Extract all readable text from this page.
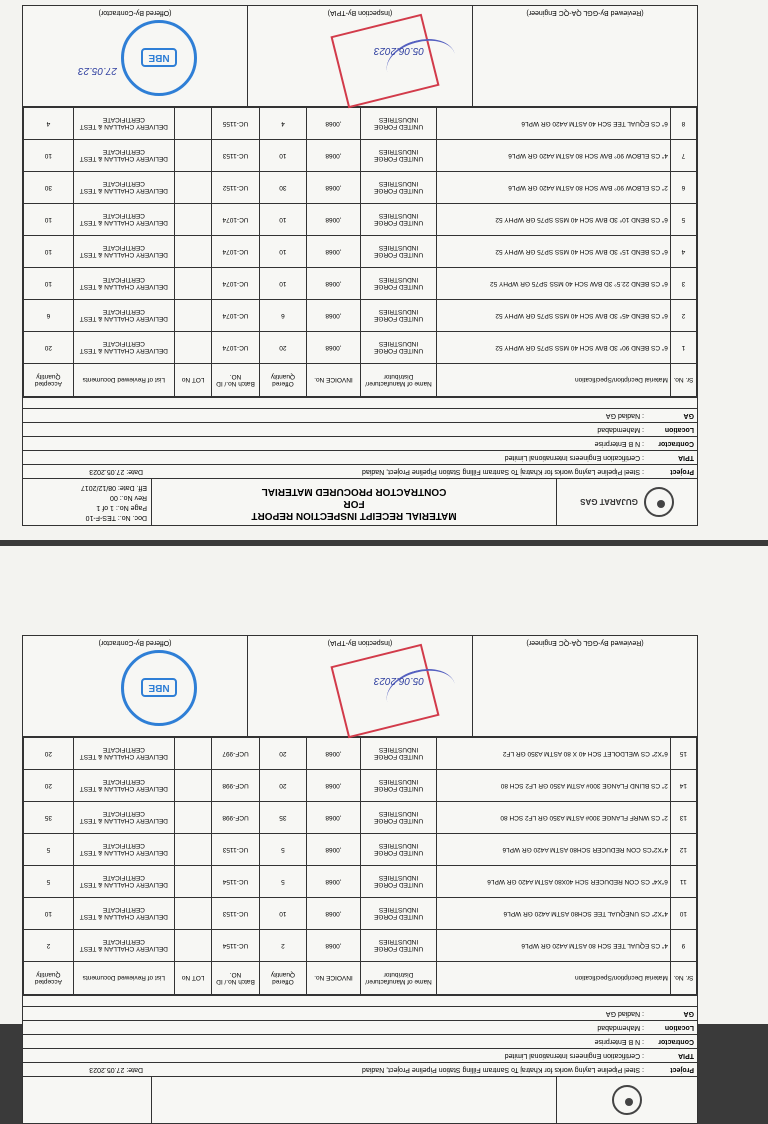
GUJARAT GAS
MATERIAL RECEIPT INSPECTION REPORT
FOR
CONTRACTOR PROCURED MATERIAL
Doc. No.: TES-F-10
Page No.: 1 of 1
Rev No.: 00
Eff. Date: 08/12/2017
Project
: Steel Pipeline Laying works for Khatraj To Santram Filling Station Pipeline Project, Nadiad
Date: 27.05.2023
TPIA
: Certification Engineers International Limited
Contractor
: N B Enterprise
Location
: Mahemdabad
GA
: Nadiad GA
Sr. No.	Material Decription/Specification	Name of Manufacturer/ Distributor	INVOICE No.	Offered Quantity	Batch No./ ID NO.	LOT No	List of Reviewed Documents	Accepted Quantity
1	6" CS BEND 90° 3D B/W SCH 40 MSS SP75 GR WPHY 52	UNITED FORGE INDUSTRIES	,0068	20	UC-1074		DELIVERY CHALLAN & TEST CERTIFICATE	20
2	6" CS BEND 45° 3D B/W SCH 40 MSS SP75 GR WPHY 52	UNITED FORGE INDUSTRIES	,0068	6	UC-1074		DELIVERY CHALLAN & TEST CERTIFICATE	6
3	6" CS BEND 22.5° 3D B/W SCH 40 MSS SP75 GR WPHY 52	UNITED FORGE INDUSTRIES	,0068	10	UC-1074		DELIVERY CHALLAN & TEST CERTIFICATE	10
4	6" CS BEND 15° 3D B/W SCH 40 MSS SP75 GR WPHY 52	UNITED FORGE INDUSTRIES	,0068	10	UC-1074		DELIVERY CHALLAN & TEST CERTIFICATE	10
5	6" CS BEND 10° 3D B/W SCH 40 MSS SP75 GR WPHY 52	UNITED FORGE INDUSTRIES	,0068	10	UC-1074		DELIVERY CHALLAN & TEST CERTIFICATE	10
6	2" CS ELBOW 90° B/W SCH 80 ASTM A420 GR WPL6	UNITED FORGE INDUSTRIES	,0068	30	UC-1152		DELIVERY CHALLAN & TEST CERTIFICATE	30
7	4" CS ELBOW 90° B/W SCH 80 ASTM A420 GR WPL6	UNITED FORGE INDUSTRIES	,0068	10	UC-1153		DELIVERY CHALLAN & TEST CERTIFICATE	10
8	6" CS EQUAL TEE SCH 40 ASTM A420 GR WPL6	UNITED FORGE INDUSTRIES	,0068	4	UC-1155		DELIVERY CHALLAN & TEST CERTIFICATE	4
(Reviewed By-GGL QA-QC Engineer)
05.06.2023
(Inspection By-TPIA)
NBE
27.05.23
(Offered By-Contractor)
Project
: Steel Pipeline Laying works for Khatraj To Santram Filling Station Pipeline Project, Nadiad
Date: 27.05.2023
TPIA
: Certification Engineers International Limited
Contractor
: N B Enterprise
Location
: Mahemdabad
GA
: Nadiad GA
Sr. No.	Material Decription/Specification	Name of Manufacturer/ Distributor	INVOICE No.	Offered Quantity	Batch No./ ID NO.	LOT No	List of Reviewed Documents	Accepted Quantity
9	4" CS EQUAL TEE SCH 80 ASTM A420 GR WPL6	UNITED FORGE INDUSTRIES	,0068	2	UC-1154		DELIVERY CHALLAN & TEST CERTIFICATE	2
10	4"X2" CS UNEQUAL TEE SCH80 ASTM A420 GR WPL6	UNITED FORGE INDUSTRIES	,0068	10	UC-1153		DELIVERY CHALLAN & TEST CERTIFICATE	10
11	6"X4" CS CON REDUCER SCH 40X80 ASTM A420 GR WPL6	UNITED FORGE INDUSTRIES	,0068	5	UC-1154		DELIVERY CHALLAN & TEST CERTIFICATE	5
12	4"X2"CS CON REDUCER SCH80 ASTM A420 GR WPL6	UNITED FORGE INDUSTRIES	,0068	5	UC-1153		DELIVERY CHALLAN & TEST CERTIFICATE	5
13	2" CS WNRF FLANGE 300# ASTM A350 GR LF2 SCH 80	UNITED FORGE INDUSTRIES	,0068	35	UCF-998		DELIVERY CHALLAN & TEST CERTIFICATE	35
14	2" CS BLIND FLANGE 300# ASTM A350 GR LF2 SCH 80	UNITED FORGE INDUSTRIES	,0068	20	UCF-998		DELIVERY CHALLAN & TEST CERTIFICATE	20
15	6"X2" CS WELDOLET SCH 40 X 80 ASTM A350 GR LF2	UNITED FORGE INDUSTRIES	,0068	20	UCF-997		DELIVERY CHALLAN & TEST CERTIFICATE	20
(Reviewed By-GGL QA-QC Engineer)
05.06.2023
(Inspection By-TPIA)
NBE
(Offered By-Contractor)
